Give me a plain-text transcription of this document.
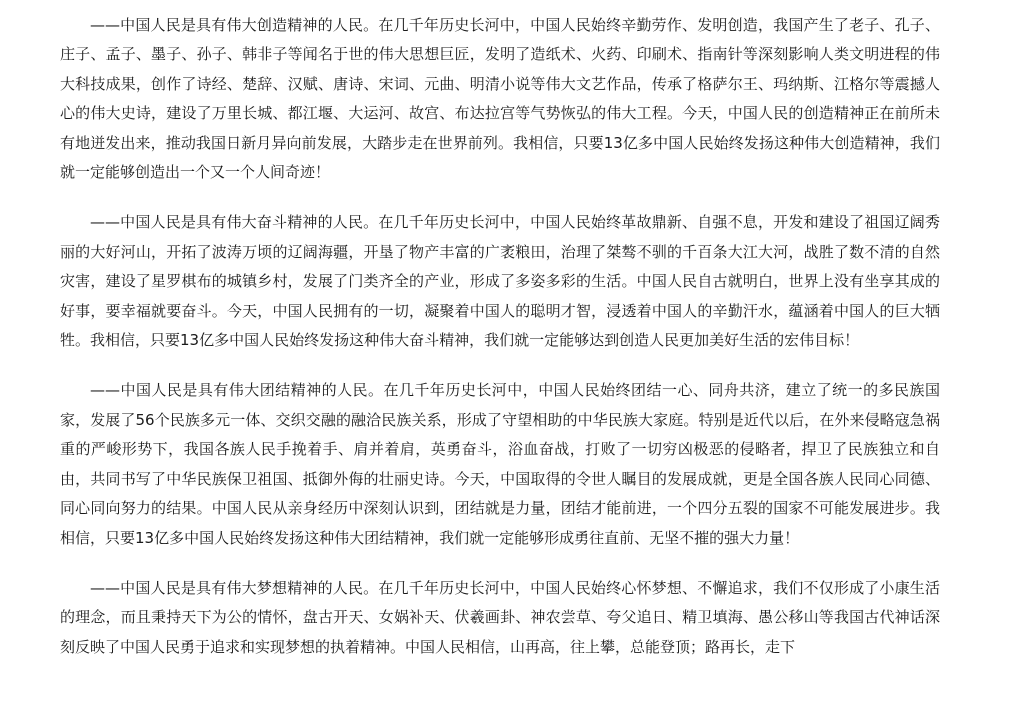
——中国人民是具有伟大创造精神的人民。在几千年历史长河中，中国人民始终辛勤劳作、发明创造，我国产生了老子、孔子、庄子、孟子、墨子、孙子、韩非子等闻名于世的伟大思想巨匠，发明了造纸术、火药、印刷术、指南针等深刻影响人类文明进程的伟大科技成果，创作了诗经、楚辞、汉赋、唐诗、宋词、元曲、明清小说等伟大文艺作品，传承了格萨尔王、玛纳斯、江格尔等震撼人心的伟大史诗，建设了万里长城、都江堰、大运河、故宫、布达拉宫等气势恢弘的伟大工程。今天，中国人民的创造精神正在前所未有地迸发出来，推动我国日新月异向前发展，大踏步走在世界前列。我相信，只要13亿多中国人民始终发扬这种伟大创造精神，我们就一定能够创造出一个又一个人间奇迹！

——中国人民是具有伟大奋斗精神的人民。在几千年历史长河中，中国人民始终革故鼎新、自强不息，开发和建设了祖国辽阔秀丽的大好河山，开拓了波涛万顷的辽阔海疆，开垦了物产丰富的广袤粮田，治理了桀骜不驯的千百条大江大河，战胜了数不清的自然灾害，建设了星罗棋布的城镇乡村，发展了门类齐全的产业，形成了多姿多彩的生活。中国人民自古就明白，世界上没有坐享其成的好事，要幸福就要奋斗。今天，中国人民拥有的一切，凝聚着中国人的聪明才智，浸透着中国人的辛勤汗水，蕴涵着中国人的巨大牺牲。我相信，只要13亿多中国人民始终发扬这种伟大奋斗精神，我们就一定能够达到创造人民更加美好生活的宏伟目标！

——中国人民是具有伟大团结精神的人民。在几千年历史长河中，中国人民始终团结一心、同舟共济，建立了统一的多民族国家，发展了56个民族多元一体、交织交融的融洽民族关系，形成了守望相助的中华民族大家庭。特别是近代以后，在外来侵略寇急祸重的严峻形势下，我国各族人民手挽着手、肩并着肩，英勇奋斗，浴血奋战，打败了一切穷凶极恶的侵略者，捍卫了民族独立和自由，共同书写了中华民族保卫祖国、抵御外侮的壮丽史诗。今天，中国取得的令世人瞩目的发展成就，更是全国各族人民同心同德、同心同向努力的结果。中国人民从亲身经历中深刻认识到，团结就是力量，团结才能前进，一个四分五裂的国家不可能发展进步。我相信，只要13亿多中国人民始终发扬这种伟大团结精神，我们就一定能够形成勇往直前、无坚不摧的强大力量！

——中国人民是具有伟大梦想精神的人民。在几千年历史长河中，中国人民始终心怀梦想、不懈追求，我们不仅形成了小康生活的理念，而且秉持天下为公的情怀，盘古开天、女娲补天、伏羲画卦、神农尝草、夸父追日、精卫填海、愚公移山等我国古代神话深刻反映了中国人民勇于追求和实现梦想的执着精神。中国人民相信，山再高，往上攀，总能登顶；路再长，走下
